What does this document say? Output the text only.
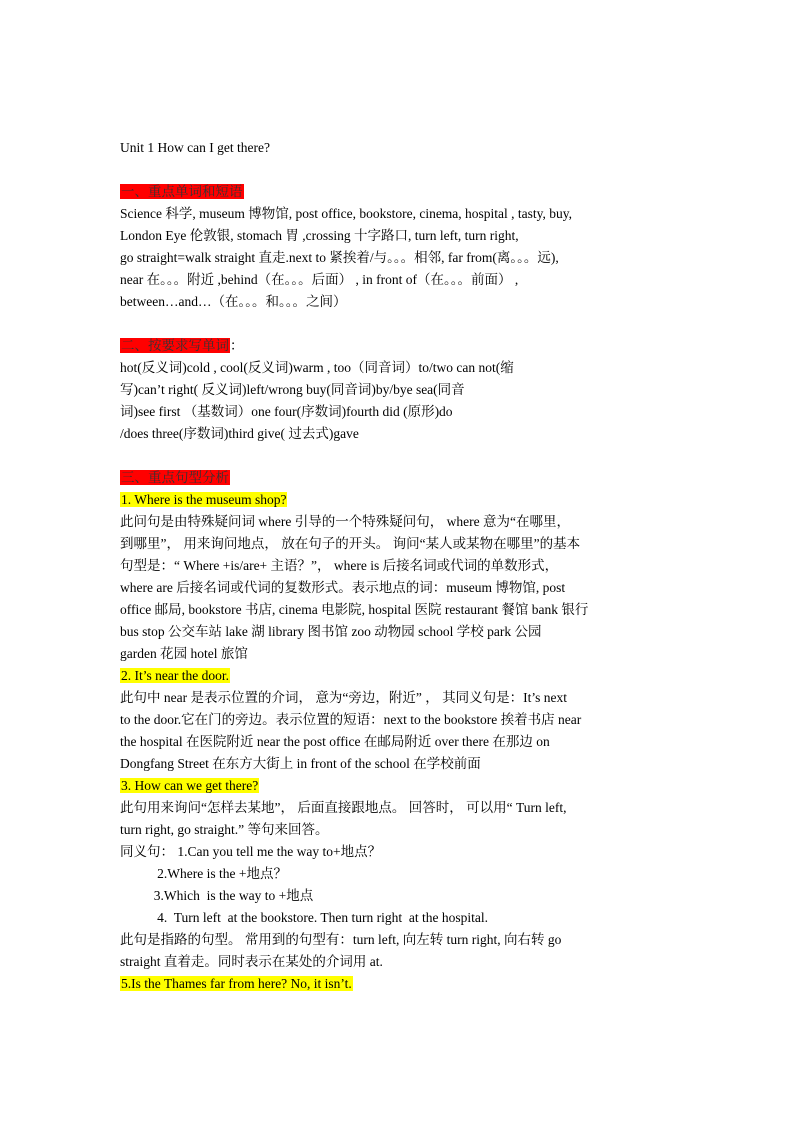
Unit 1 How can I get there?
一、重点单词和短语
Science 科学, museum 博物馆, post office, bookstore, cinema, hospital , tasty, buy,
London Eye 伦敦银, stomach 胃 ,crossing 十字路口, turn left, turn right,
go straight=walk straight 直走.next to 紧挨着/与。。。相邻, far from(离。。。远),
near 在。。。附近 ,behind（在。。。后面） , in front of（在。。。前面） ,
between…and…（在。。。和。。。之间）
二、按要求写单词：
hot(反义词)cold , cool(反义词)warm , too（同音词）to/two can not(缩
写)can’t right( 反义词)left/wrong buy(同音词)by/bye sea(同音
词)see first （基数词）one four(序数词)fourth did (原形)do
/does three(序数词)third give( 过去式)gave
三、重点句型分析
1. Where is the museum shop?
此问句是由特殊疑问词 where 引导的一个特殊疑问句， where 意为“在哪里，
到哪里”， 用来询问地点， 放在句子的开头。 询问“某人或某物在哪里”的基本
句型是：“ Where +is/are+ 主语？”， where is 后接名词或代词的单数形式，
where are 后接名词或代词的复数形式。表示地点的词：museum 博物馆, post
office 邮局, bookstore 书店, cinema 电影院, hospital 医院 restaurant 餐馆 bank 银行
bus stop 公交车站 lake 湖 library 图书馆 zoo 动物园 school 学校 park 公园
garden 花园 hotel 旅馆
2. It’s near the door.
此句中 near 是表示位置的介词， 意为“旁边，附近” ， 其同义句是：It’s next
to the door.它在门的旁边。表示位置的短语：next to the bookstore 挨着书店 near
the hospital 在医院附近 near the post office 在邮局附近 over there 在那边 on
Dongfang Street 在东方大街上 in front of the school 在学校前面
3. How can we get there?
此句用来询问“怎样去某地”， 后面直接跟地点。 回答时， 可以用“ Turn left,
turn right, go straight.” 等句来回答。
同义句： 1.Can you tell me the way to+地点？
2.Where is the +地点？
3.Which  is the way to +地点
4.  Turn left  at the bookstore. Then turn right  at the hospital.
此句是指路的句型。 常用到的句型有：turn left, 向左转 turn right, 向右转 go
straight 直着走。同时表示在某处的介词用 at.
5.Is the Thames far from here? No, it isn’t.
